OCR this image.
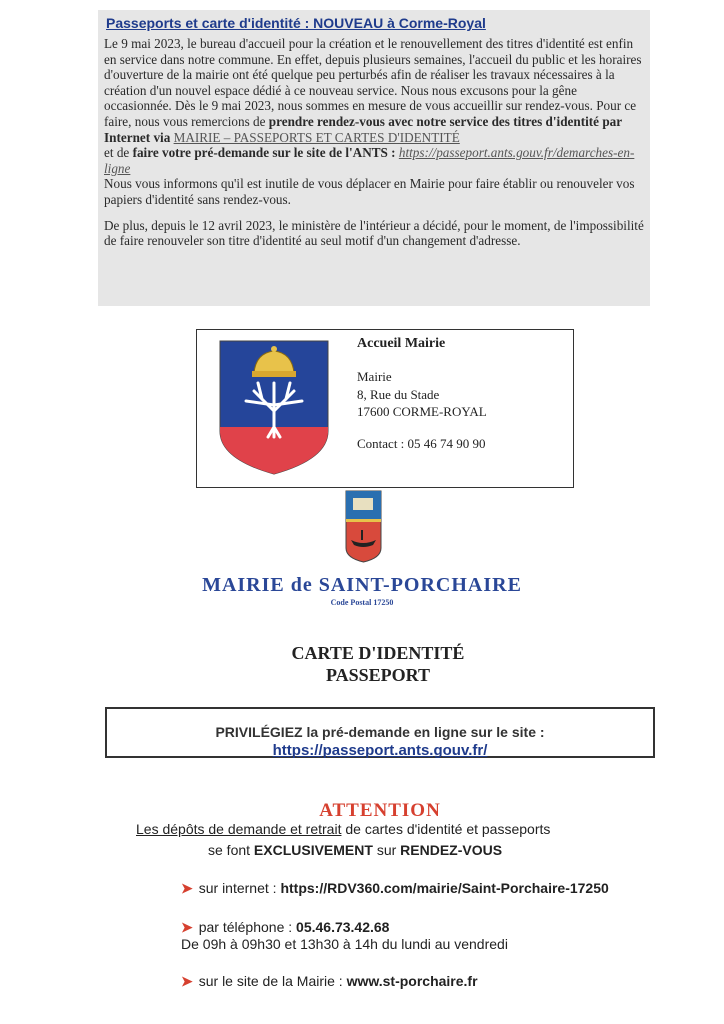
Passeports et carte d'identité : NOUVEAU à Corme-Royal

Le 9 mai 2023, le bureau d'accueil pour la création et le renouvellement des titres d'identité est enfin en service dans notre commune. En effet, depuis plusieurs semaines, l'accueil du public et les horaires d'ouverture de la mairie ont été quelque peu perturbés afin de réaliser les travaux nécessaires à la création d'un nouvel espace dédié à ce nouveau service. Nous nous excusons pour la gêne occasionnée. Dès le 9 mai 2023, nous sommes en mesure de vous accueillir sur rendez-vous. Pour ce faire, nous vous remercions de prendre rendez-vous avec notre service des titres d'identité par Internet via MAIRIE – PASSEPORTS ET CARTES D'IDENTITÉ

et de faire votre pré-demande sur le site de l'ANTS : https://passeport.ants.gouv.fr/demarches-en-ligne

Nous vous informons qu'il est inutile de vous déplacer en Mairie pour faire établir ou renouveler vos papiers d'identité sans rendez-vous.

De plus, depuis le 12 avril 2023, le ministère de l'intérieur a décidé, pour le moment, de l'impossibilité de faire renouveler son titre d'identité au seul motif d'un changement d'adresse.

Accueil Mairie
Mairie
8, Rue du Stade
17600 CORME-ROYAL
Contact : 05 46 74 90 90
MAIRIE de SAINT-PORCHAIRE
Code Postal 17250
CARTE D'IDENTITÉ
PASSEPORT
PRIVILÉGIEZ la pré-demande en ligne sur le site :
https://passeport.ants.gouv.fr/
ATTENTION
Les dépôts de demande et retrait de cartes d'identité et passeports
se font EXCLUSIVEMENT sur RENDEZ-VOUS
➤ sur internet : https://RDV360.com/mairie/Saint-Porchaire-17250
➤ par téléphone : 05.46.73.42.68
De 09h à 09h30 et 13h30 à 14h du lundi au vendredi
➤ sur le site de la Mairie : www.st-porchaire.fr
